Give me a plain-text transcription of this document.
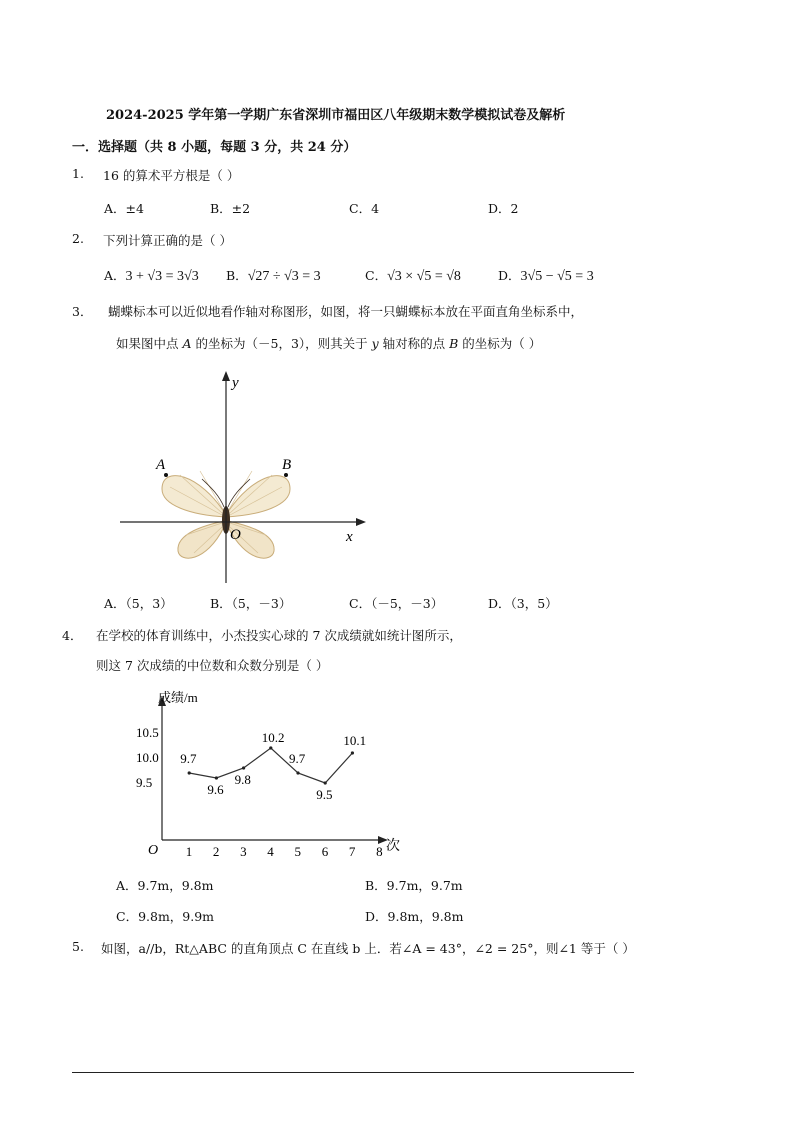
2024-2025 学年第一学期广东省深圳市福田区八年级期末数学模拟试卷及解析
一．选择题（共 8 小题，每题 3 分，共 24 分）
1. 16 的算术平方根是（ ）
A．±4	B．±2	C．4	D．2
2. 下列计算正确的是（ ）
A．3 + √3 = 3√3 B．√27 ÷ √3 = 3	C．√3 × √5 = √8	D．3√5 − √5 = 3
3． 蝴蝶标本可以近似地看作轴对称图形，如图，将一只蝴蝶标本放在平面直角坐标系中，
如果图中点 A 的坐标为（－5，3），则其关于 y 轴对称的点 B 的坐标为（ ）
y
x
O
A	B
A．（5，3）	B．（5，－3）	C．（－5，－3）	D．（3，5）
4． 在学校的体育训练中，小杰投实心球的 7 次成绩就如统计图所示，
则这 7 次成绩的中位数和众数分别是（ ）
成绩/m
次
O 1 2 3 4 5 6 7 8
9.5
10.0
10.5
9.7
9.6
9.8
10.2
9.7
9.5
10.1
A．9.7m，9.8m	B．9.7m，9.7m
C．9.8m，9.9m	D．9.8m，9.8m
5. 如图，a//b，Rt△ABC 的直角顶点 C 在直线 b 上．若∠A = 43°，∠2 = 25°，则∠1 等于（ ）
